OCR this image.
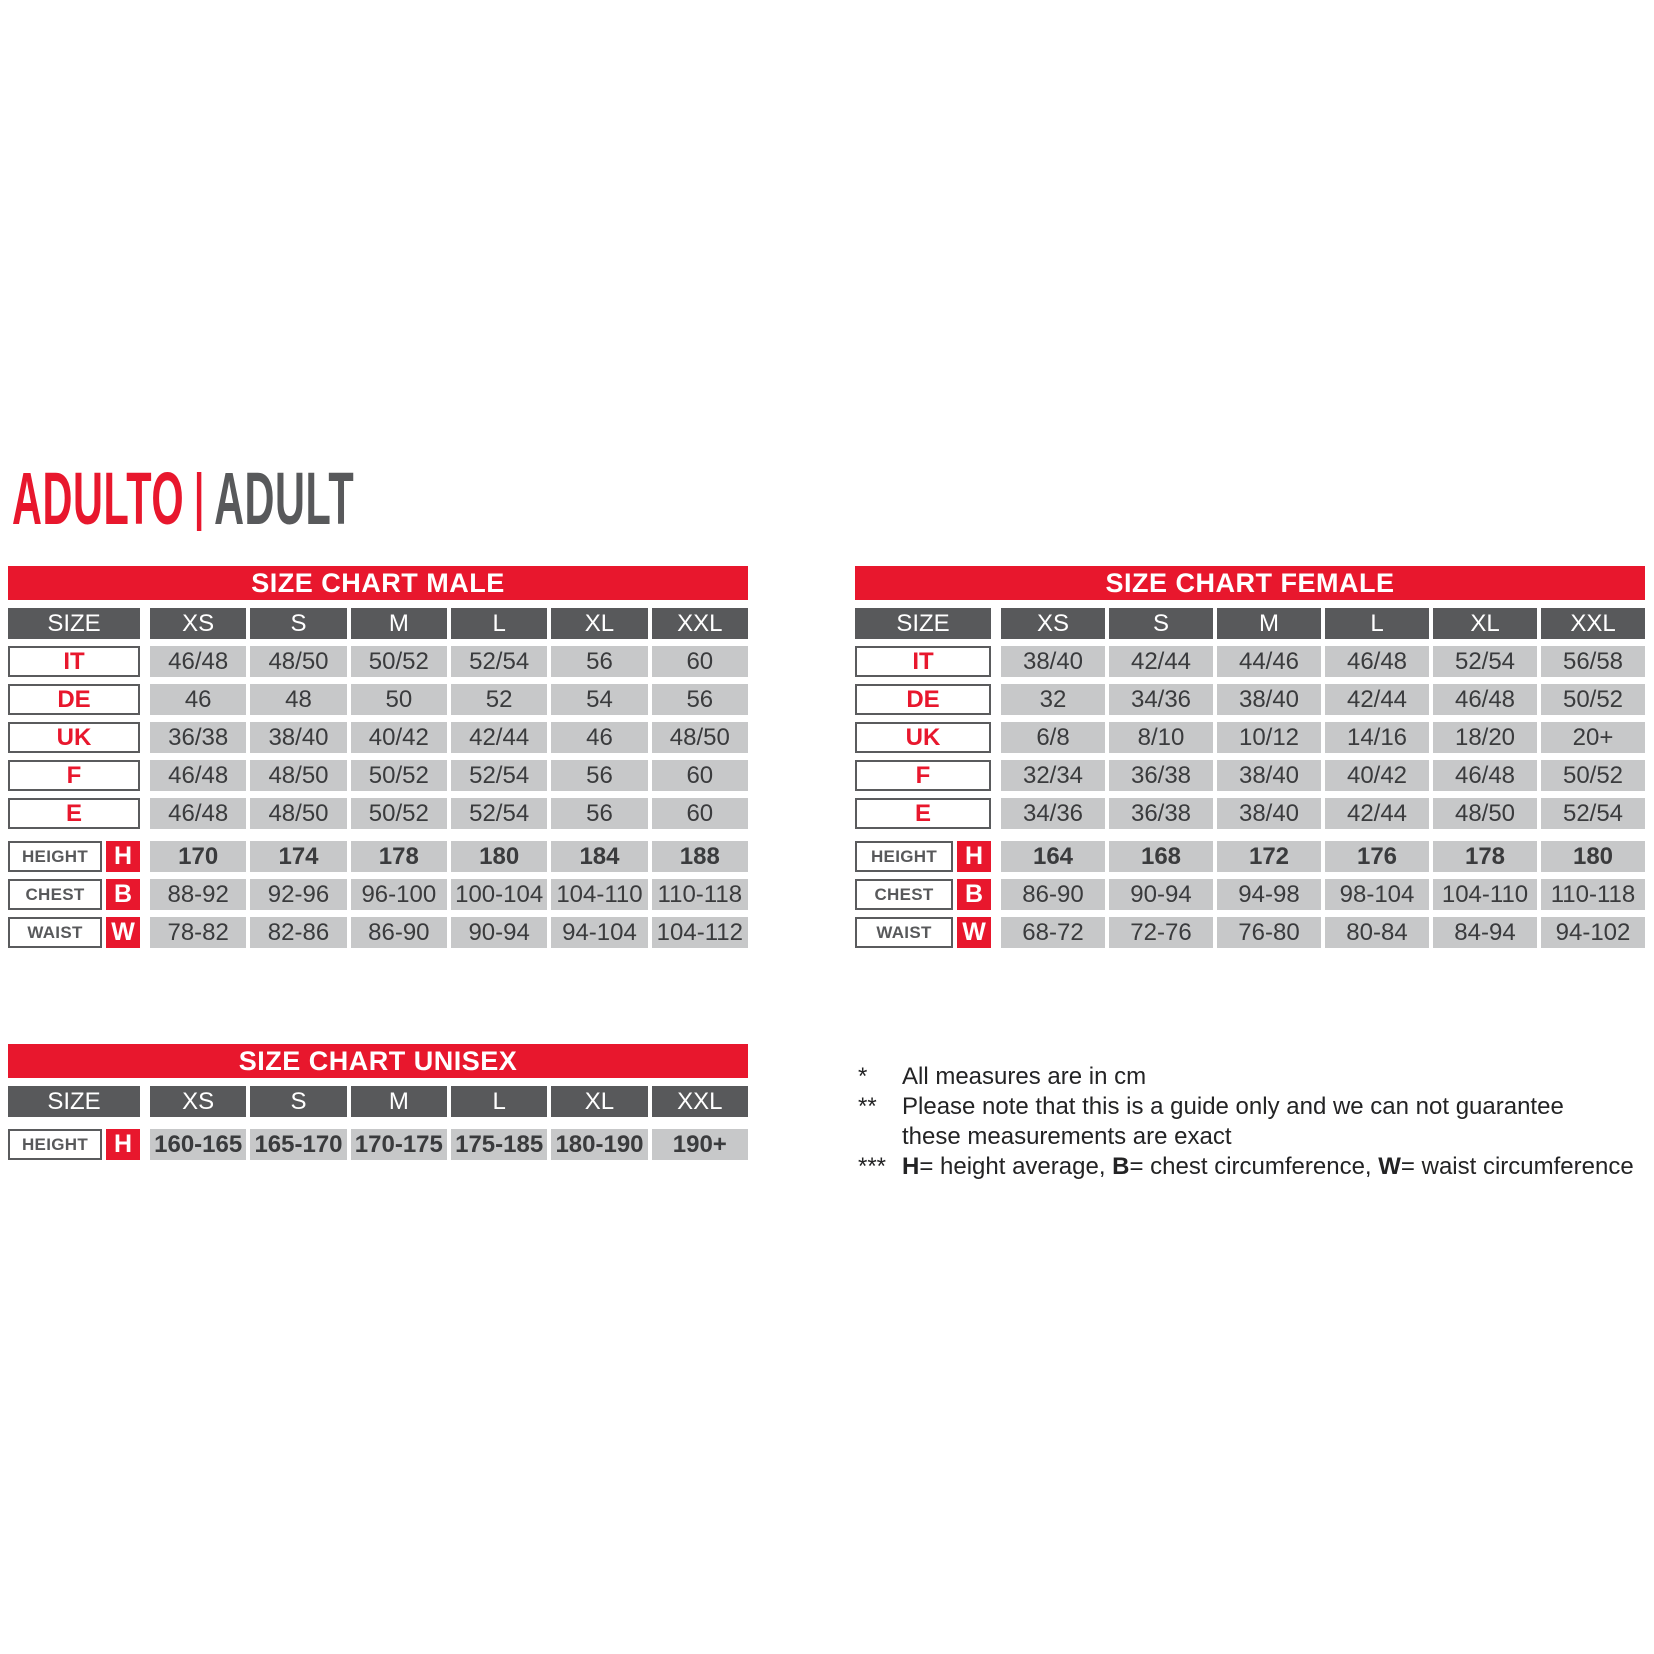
ADULTO | ADULT
SIZE CHART MALE
SIZE	XS	S	M	L	XL	XXL
IT	46/48	48/50	50/52	52/54	56	60
DE	46	48	50	52	54	56
UK	36/38	38/40	40/42	42/44	46	48/50
F	46/48	48/50	50/52	52/54	56	60
E	46/48	48/50	50/52	52/54	56	60
HEIGHT	H	170	174	178	180	184	188
CHEST	B	88-92	92-96	96-100 100-104 104-110 110-118
WAIST	W	78-82	82-86	86-90	90-94	94-104 104-112
SIZE CHART FEMALE
SIZE	XS	S	M	L	XL	XXL
IT	38/40	42/44	44/46	46/48	52/54	56/58
DE	32	34/36	38/40	42/44	46/48	50/52
UK	6/8	8/10	10/12	14/16	18/20	20+
F	32/34	36/38	38/40	40/42	46/48	50/52
E	34/36	36/38	38/40	42/44	48/50	52/54
HEIGHT	H	164	168	172	176	178	180
CHEST	B	86-90	90-94	94-98	98-104	104-110 110-118
WAIST	W	68-72	72-76	76-80	80-84	84-94	94-102
SIZE CHART UNISEX
SIZE	XS	S	M	L	XL	XXL
HEIGHT	H 160-165 165-170 170-175 175-185 180-190	190+
*	All measures are in cm
**	Please note that this is a guide only and we can not guarantee
these measurements are exact
*** H= height average, B= chest circumference, W= waist circumference
